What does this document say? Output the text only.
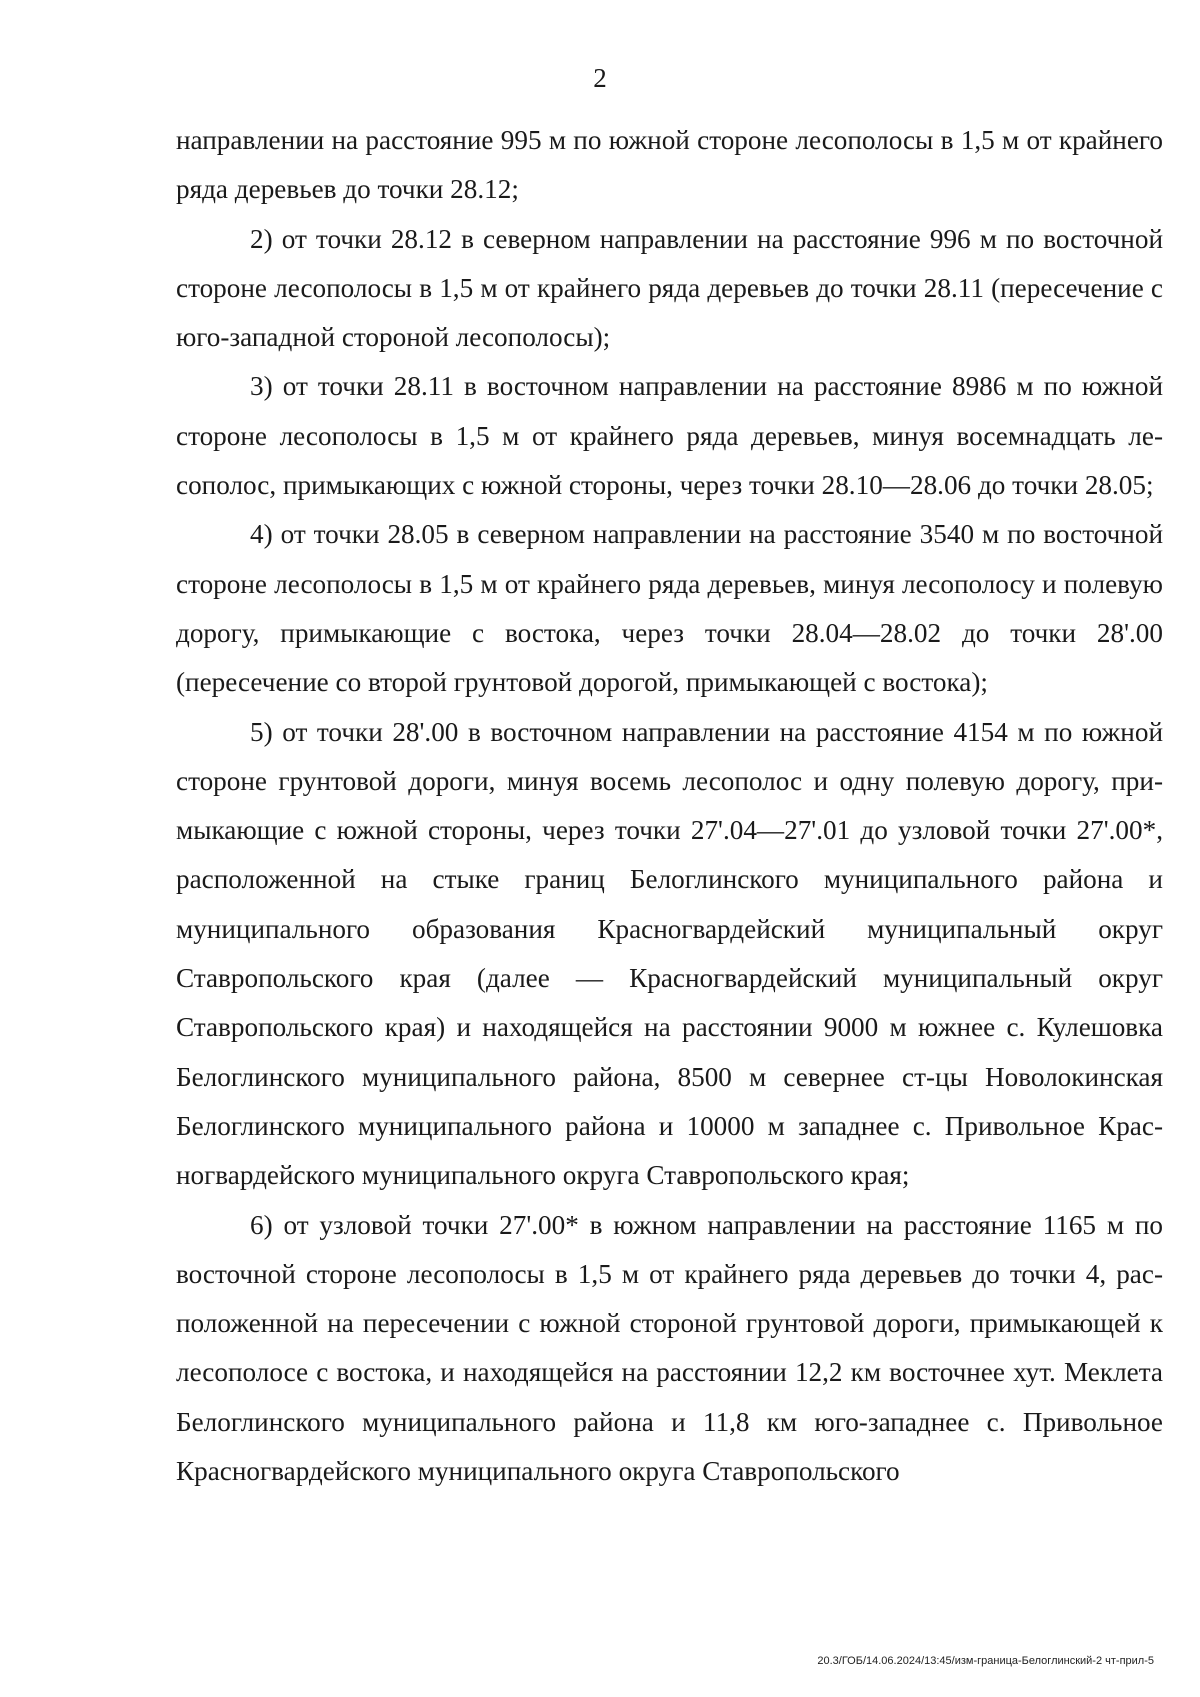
2

направлении на расстояние 995 м по южной стороне лесополосы в 1,5 м от крайнего ряда деревьев до точки 28.12;

2) от точки 28.12 в северном направлении на расстояние 996 м по восточной стороне лесополосы в 1,5 м от крайнего ряда деревьев до точки 28.11 (пересечение с юго-западной стороной лесополосы);

3) от точки 28.11 в восточном направлении на расстояние 8986 м по южной стороне лесополосы в 1,5 м от крайнего ряда деревьев, минуя восемнадцать лесополос, примыкающих с южной стороны, через точки 28.10—28.06 до точки 28.05;

4) от точки 28.05 в северном направлении на расстояние 3540 м по восточной стороне лесополосы в 1,5 м от крайнего ряда деревьев, минуя лесополосу и полевую дорогу, примыкающие с востока, через точки 28.04—28.02 до точки 28'.00 (пересечение со второй грунтовой дорогой, примыкающей с востока);

5) от точки 28'.00 в восточном направлении на расстояние 4154 м по южной стороне грунтовой дороги, минуя восемь лесополос и одну полевую дорогу, примыкающие с южной стороны, через точки 27'.04—27'.01 до узловой точки 27'.00*, расположенной на стыке границ Белоглинского муниципального района и муниципального образования Красногвардейский муниципальный округ Ставропольского края (далее — Красногвардейский муниципальный округ Ставропольского края) и находящейся на расстоянии 9000 м южнее с. Кулешовка Белоглинского муниципального района, 8500 м севернее ст-цы Новолокинская Белоглинского муниципального района и 10000 м западнее с. Привольное Красногвардейского муниципального округа Ставропольского края;

6) от узловой точки 27'.00* в южном направлении на расстояние 1165 м по восточной стороне лесополосы в 1,5 м от крайнего ряда деревьев до точки 4, расположенной на пересечении с южной стороной грунтовой дороги, примыкающей к лесополосе с востока, и находящейся на расстоянии 12,2 км восточнее хут. Меклета Белоглинского муниципального района и 11,8 км юго-западнее с. Привольное Красногвардейского муниципального округа Ставропольского

20.3/ГОБ/14.06.2024/13:45/изм-граница-Белоглинский-2 чт-прил-5
